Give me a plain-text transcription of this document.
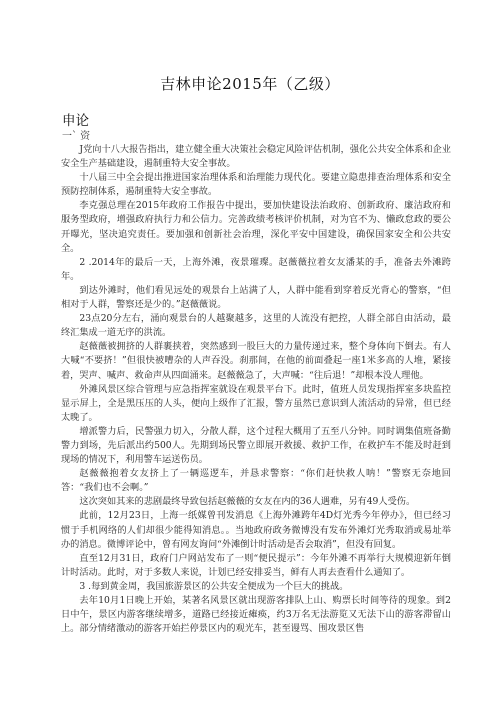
吉林申论2015年（乙级）
申论
一` 资

J党向十八大报告指出，建立健全重大决策社会稳定风险评估机制，强化公共安全体系和企业安全生产基础建设，遏制重特大安全事故。

十八届三中全会提出推进国家治理体系和治理能力现代化。要建立隐患排查治理体系和安全预防控制体系，遏制重特大安全事故。

李克强总理在2015年政府工作报告中提出，要加快建设法治政府、创新政府、廉洁政府和服务型政府，增强政府执行力和公信力。完善政绩考核评价机制，对为官不为、懒政怠政的要公开曝光，坚决追究责任。要加强和创新社会治理，深化平安中国建设，确保国家安全和公共安全。

2 .2014年的最后一天，上海外滩，夜景璀璨。赵薇薇拉着女友潘某的手，准备去外滩跨年。

到达外滩时，他们看见远处的观景台上站满了人，人群中能看到穿着反光背心的警察，“但相对于人群，警察还是少的。”赵薇薇说。

23点20分左右，涌向观景台的人越聚越多，这里的人流没有把控，人群全部自由活动，最终汇集成一道无序的洪流。

赵薇薇被拥挤的人群裹挟着，突然感到一股巨大的力量传递过来，整个身体向下倒去。有人大喊“不要挤！”但很快被嘈杂的人声吞没。刹那间，在他的前面叠起一座1米多高的人堆，紧接着，哭声、喊声、救命声从四面涌来。赵薇薇急了，大声喊：“往后退！”却根本没人理他。

外滩风景区综合管理与应急指挥室就设在观景平台下。此时，值班人员发现指挥室多块监控显示屏上，全是黑压压的人头，便向上级作了汇报，警方虽然已意识到人流活动的异常，但已经太晚了。

增派警力后，民警强力切入，分散人群，这个过程大概用了五至八分钟。同时调集值班备勤警力到场，先后派出约500人。先期到场民警立即展开救援、救护工作，在救护车不能及时赶到现场的情况下，利用警车运送伤员。

赵薇薇抱着女友挤上了一辆巡逻车，并恳求警察：“你们赶快救人呐！”警察无奈地回答：“我们也不会啊。”

这次突如其来的悲剧最终导致包括赵薇薇的女友在内的36人遇难，另有49人受伤。

此前，12月23日，上海一纸媒曾刊发消息《上海外滩跨年4D灯光秀今年停办》，但已经习惯于手机网络的人们却很少能得知消息。。当地政府政务微博没有发布外滩灯光秀取消或易址举办的消息。微博评论中，曾有网友询问“外滩倒计时活动是否会取消”，但没有回复。

直至12月31日，政府门户网站发布了一则“便民提示”：今年外滩不再举行大规模迎新年倒计时活动。此时，对于多数人来说，计划已经安排妥当，鲜有人再去查看什么通知了。

3 .每到黄金周，我国旅游景区的公共安全便成为一个巨大的挑战。

去年10月1日晚上开始，某著名风景区就出现游客排队上山、购票长时间等待的现象。到2日中午，景区内游客继续增多，道路已经接近瘫痪，约3万名无法游览又无法下山的游客滞留山上。部分情绪激动的游客开始拦停景区内的观光车，甚至谩骂、围攻景区售
